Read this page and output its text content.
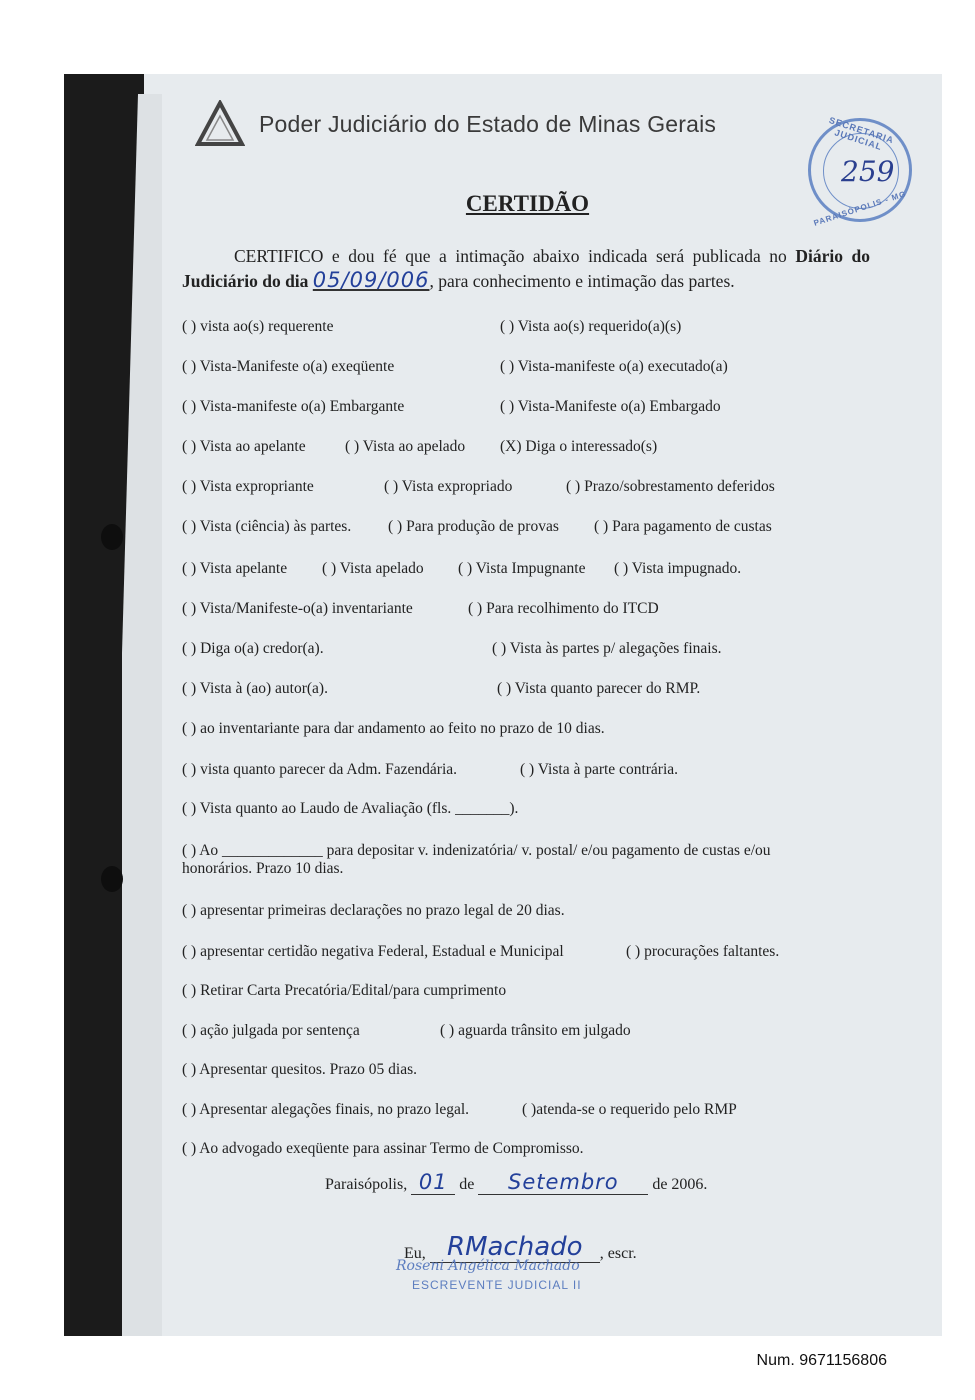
Poder Judiciário do Estado de Minas Gerais	SECRETARIA JUDICIAL
PARAISÓPOLIS - MG
259
CERTIDÃO
CERTIFICO e dou fé que a intimação abaixo indicada será publicada no Diário do Judiciário do dia 05/09/006, para conhecimento e intimação das partes.
( ) vista ao(s) requerente	( ) Vista ao(s) requerido(a)(s)
( ) Vista-Manifeste o(a) exeqüente	( ) Vista-manifeste o(a) executado(a)
( ) Vista-manifeste o(a) Embargante	( ) Vista-Manifeste o(a) Embargado
( ) Vista ao apelante	( ) Vista ao apelado (X) Diga o interessado(s)
( ) Vista expropriante	( ) Vista expropriado	( ) Prazo/sobrestamento deferidos
( ) Vista (ciência) às partes. ( ) Para produção de provas ( ) Para pagamento de custas
( ) Vista apelante ( ) Vista apelado ( ) Vista Impugnante ( ) Vista impugnado.
( ) Vista/Manifeste-o(a) inventariante	( ) Para recolhimento do ITCD
( ) Diga o(a) credor(a).	( ) Vista às partes p/ alegações finais.
( ) Vista à (ao) autor(a).	( ) Vista quanto parecer do RMP.
( ) ao inventariante para dar andamento ao feito no prazo de 10 dias.
( ) vista quanto parecer da Adm. Fazendária.	( ) Vista à parte contrária.
( ) Vista quanto ao Laudo de Avaliação (fls. _______).
( ) Ao _____________ para depositar v. indenizatória/ v. postal/ e/ou pagamento de custas e/ou
honorários. Prazo 10 dias.
( ) apresentar primeiras declarações no prazo legal de 20 dias.
( ) apresentar certidão negativa Federal, Estadual e Municipal	( ) procurações faltantes.
( ) Retirar Carta Precatória/Edital/para cumprimento
( ) ação julgada por sentença	( ) aguarda trânsito em julgado
( ) Apresentar quesitos. Prazo 05 dias.
( ) Apresentar alegações finais, no prazo legal.	( )atenda-se o requerido pelo RMP
( ) Ao advogado exeqüente para assinar Termo de Compromisso.
Paraisópolis, 01 de Setembro de 2006.
Eu, RMachado , escr.
Roseni Angélica Machado
ESCREVENTE JUDICIAL II
Num. 9671156806
